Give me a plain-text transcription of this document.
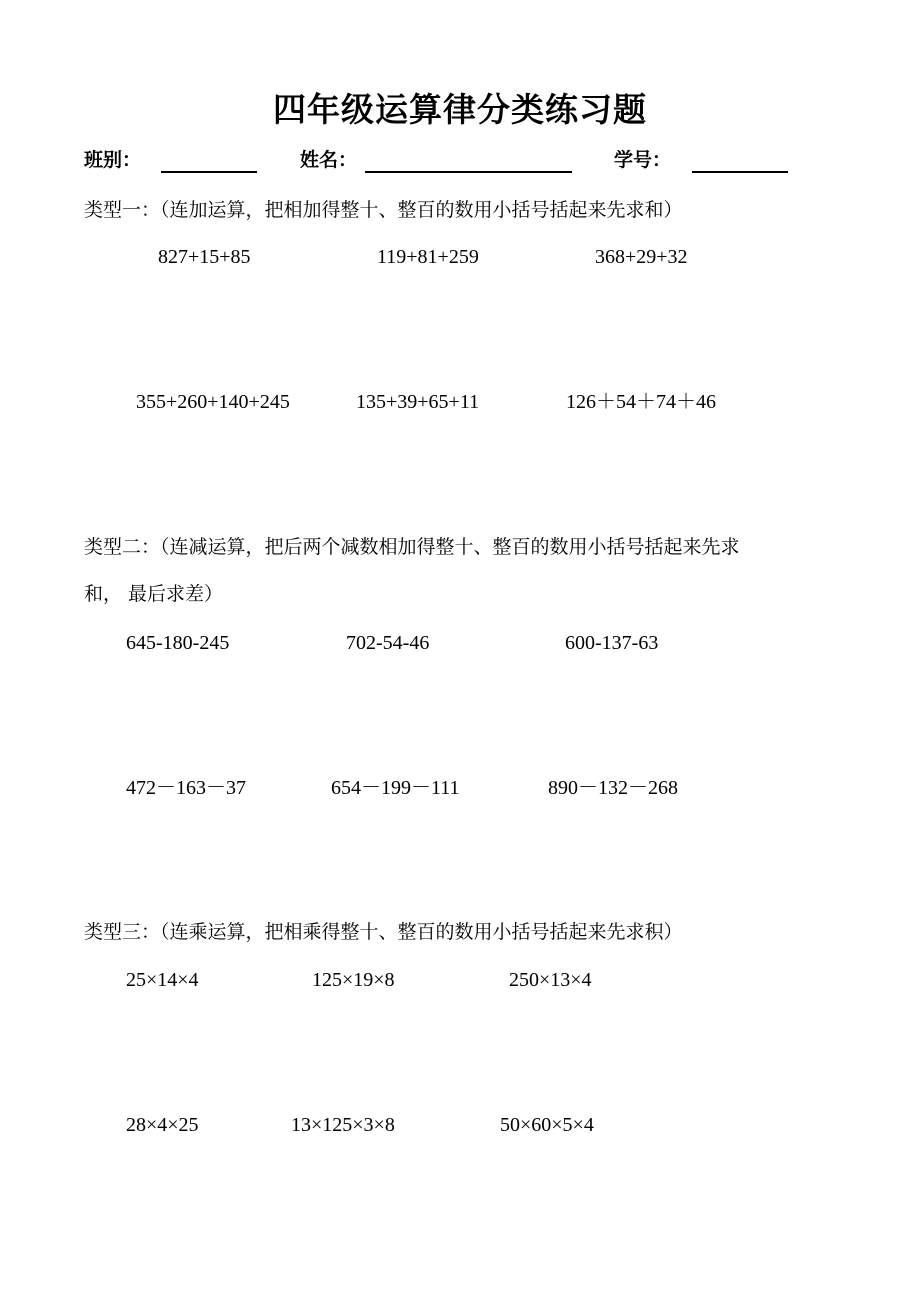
四年级运算律分类练习题
班别：	姓名：	学号：
类型一：（连加运算，把相加得整十、整百的数用小括号括起来先求和）
827+15+85	119+81+259	368+29+32
355+260+140+245	135+39+65+11	126＋54＋74＋46
类型二：（连减运算，把后两个减数相加得整十、整百的数用小括号括起来先求
和， 最后求差）
645-180-245	702-54-46	600-137-63
472－163－37	654－199－111	890－132－268
类型三：（连乘运算，把相乘得整十、整百的数用小括号括起来先求积）
25×14×4	125×19×8	250×13×4
28×4×25	13×125×3×8	50×60×5×4
